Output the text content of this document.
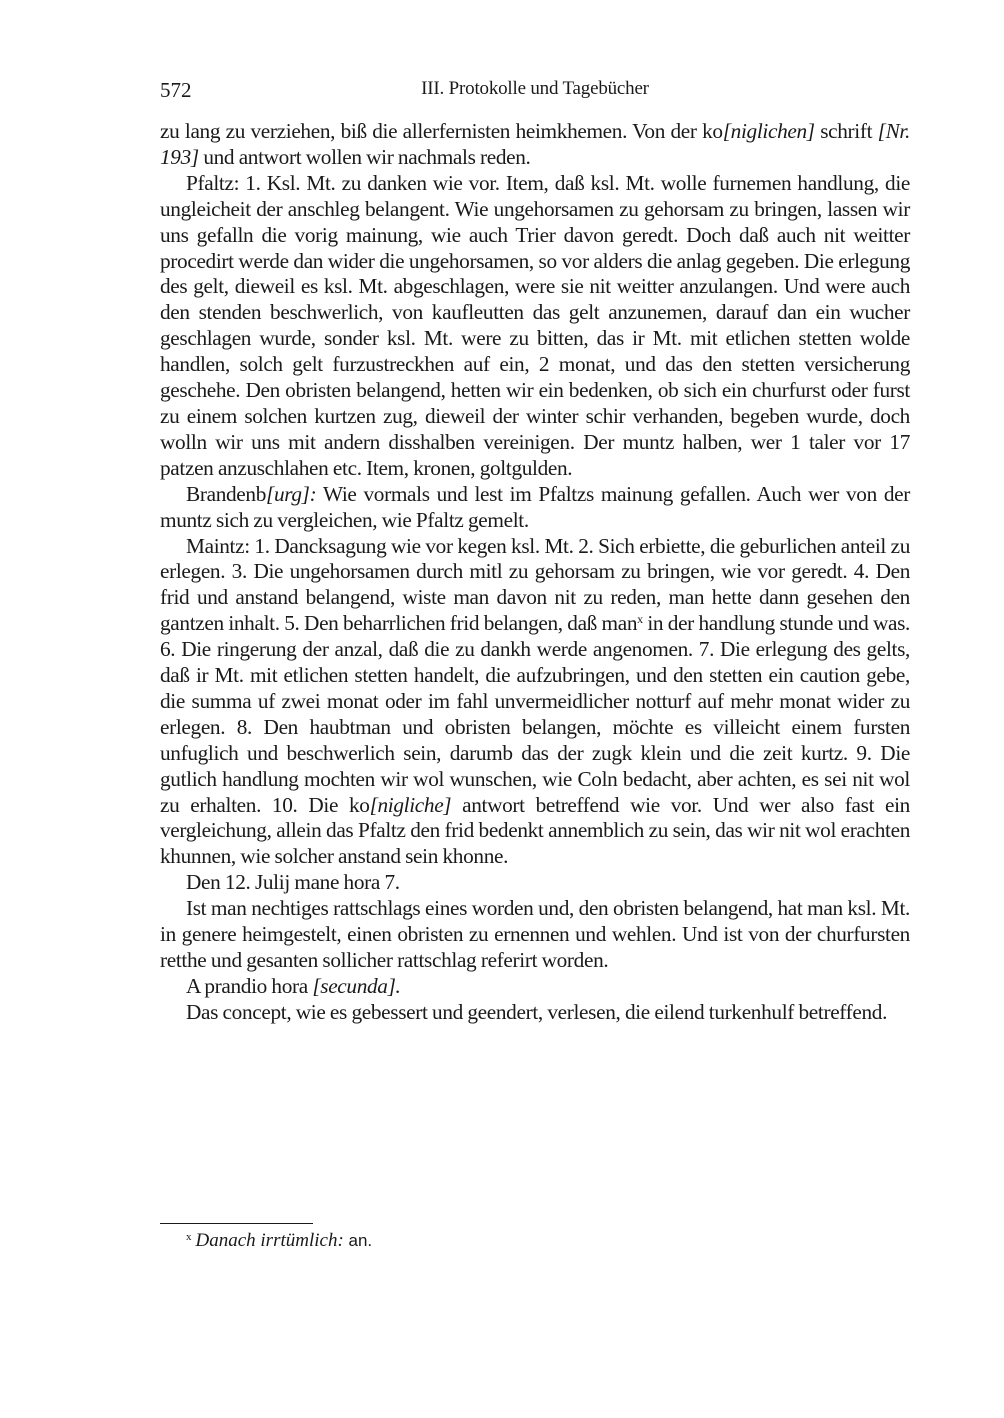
572	III. Protokolle und Tagebücher

zu lang zu verziehen, biß die allerfernisten heimkhemen. Von der ko[niglichen] schrift [Nr. 193] und antwort wollen wir nachmals reden.

Pfaltz: 1. Ksl. Mt. zu danken wie vor. Item, daß ksl. Mt. wolle furnemen handlung, die ungleicheit der anschleg belangent. Wie ungehorsamen zu gehorsam zu bringen, lassen wir uns gefalln die vorig mainung, wie auch Trier davon geredt. Doch daß auch nit weitter procedirt werde dan wider die ungehorsamen, so vor alders die anlag gegeben. Die erlegung des gelt, dieweil es ksl. Mt. abgeschlagen, were sie nit weitter anzulangen. Und were auch den stenden beschwerlich, von kaufleutten das gelt anzunemen, darauf dan ein wucher geschlagen wurde, sonder ksl. Mt. were zu bitten, das ir Mt. mit etlichen stetten wolde handlen, solch gelt furzustreckhen auf ein, 2 monat, und das den stetten versicherung geschehe. Den obristen belangend, hetten wir ein bedenken, ob sich ein churfurst oder furst zu einem solchen kurtzen zug, dieweil der winter schir verhanden, begeben wurde, doch wolln wir uns mit andern disshalben vereinigen. Der muntz halben, wer 1 taler vor 17 patzen anzuschlahen etc. Item, kronen, goltgulden.

Brandenb[urg]: Wie vormals und lest im Pfaltzs mainung gefallen. Auch wer von der muntz sich zu vergleichen, wie Pfaltz gemelt.

Maintz: 1. Dancksagung wie vor kegen ksl. Mt. 2. Sich erbiette, die geburlichen anteil zu erlegen. 3. Die ungehorsamen durch mitl zu gehorsam zu bringen, wie vor geredt. 4. Den frid und anstand belangend, wiste man davon nit zu reden, man hette dann gesehen den gantzen inhalt. 5. Den beharrlichen frid belangen, daß man$^x$ in der handlung stunde und was. 6. Die ringerung der anzal, daß die zu dankh werde angenomen. 7. Die erlegung des gelts, daß ir Mt. mit etlichen stetten handelt, die aufzubringen, und den stetten ein caution gebe, die summa uf zwei monat oder im fahl unvermeidlicher notturf auf mehr monat wider zu erlegen. 8. Den haubtman und obristen belangen, möchte es villeicht einem fursten unfuglich und beschwerlich sein, darumb das der zugk klein und die zeit kurtz. 9. Die gutlich handlung mochten wir wol wunschen, wie Coln bedacht, aber achten, es sei nit wol zu erhalten. 10. Die ko[nigliche] antwort betreffend wie vor. Und wer also fast ein vergleichung, allein das Pfaltz den frid bedenkt annemblich zu sein, das wir nit wol erachten khunnen, wie solcher anstand sein khonne.

Den 12. Julij mane hora 7.

Ist man nechtiges rattschlags eines worden und, den obristen belangend, hat man ksl. Mt. in genere heimgestelt, einen obristen zu ernennen und wehlen. Und ist von der churfursten retthe und gesanten sollicher rattschlag referirt worden.

A prandio hora [secunda].

Das concept, wie es gebessert und geendert, verlesen, die eilend turkenhulf betreffend.

$^x$ Danach irrtümlich: an.
